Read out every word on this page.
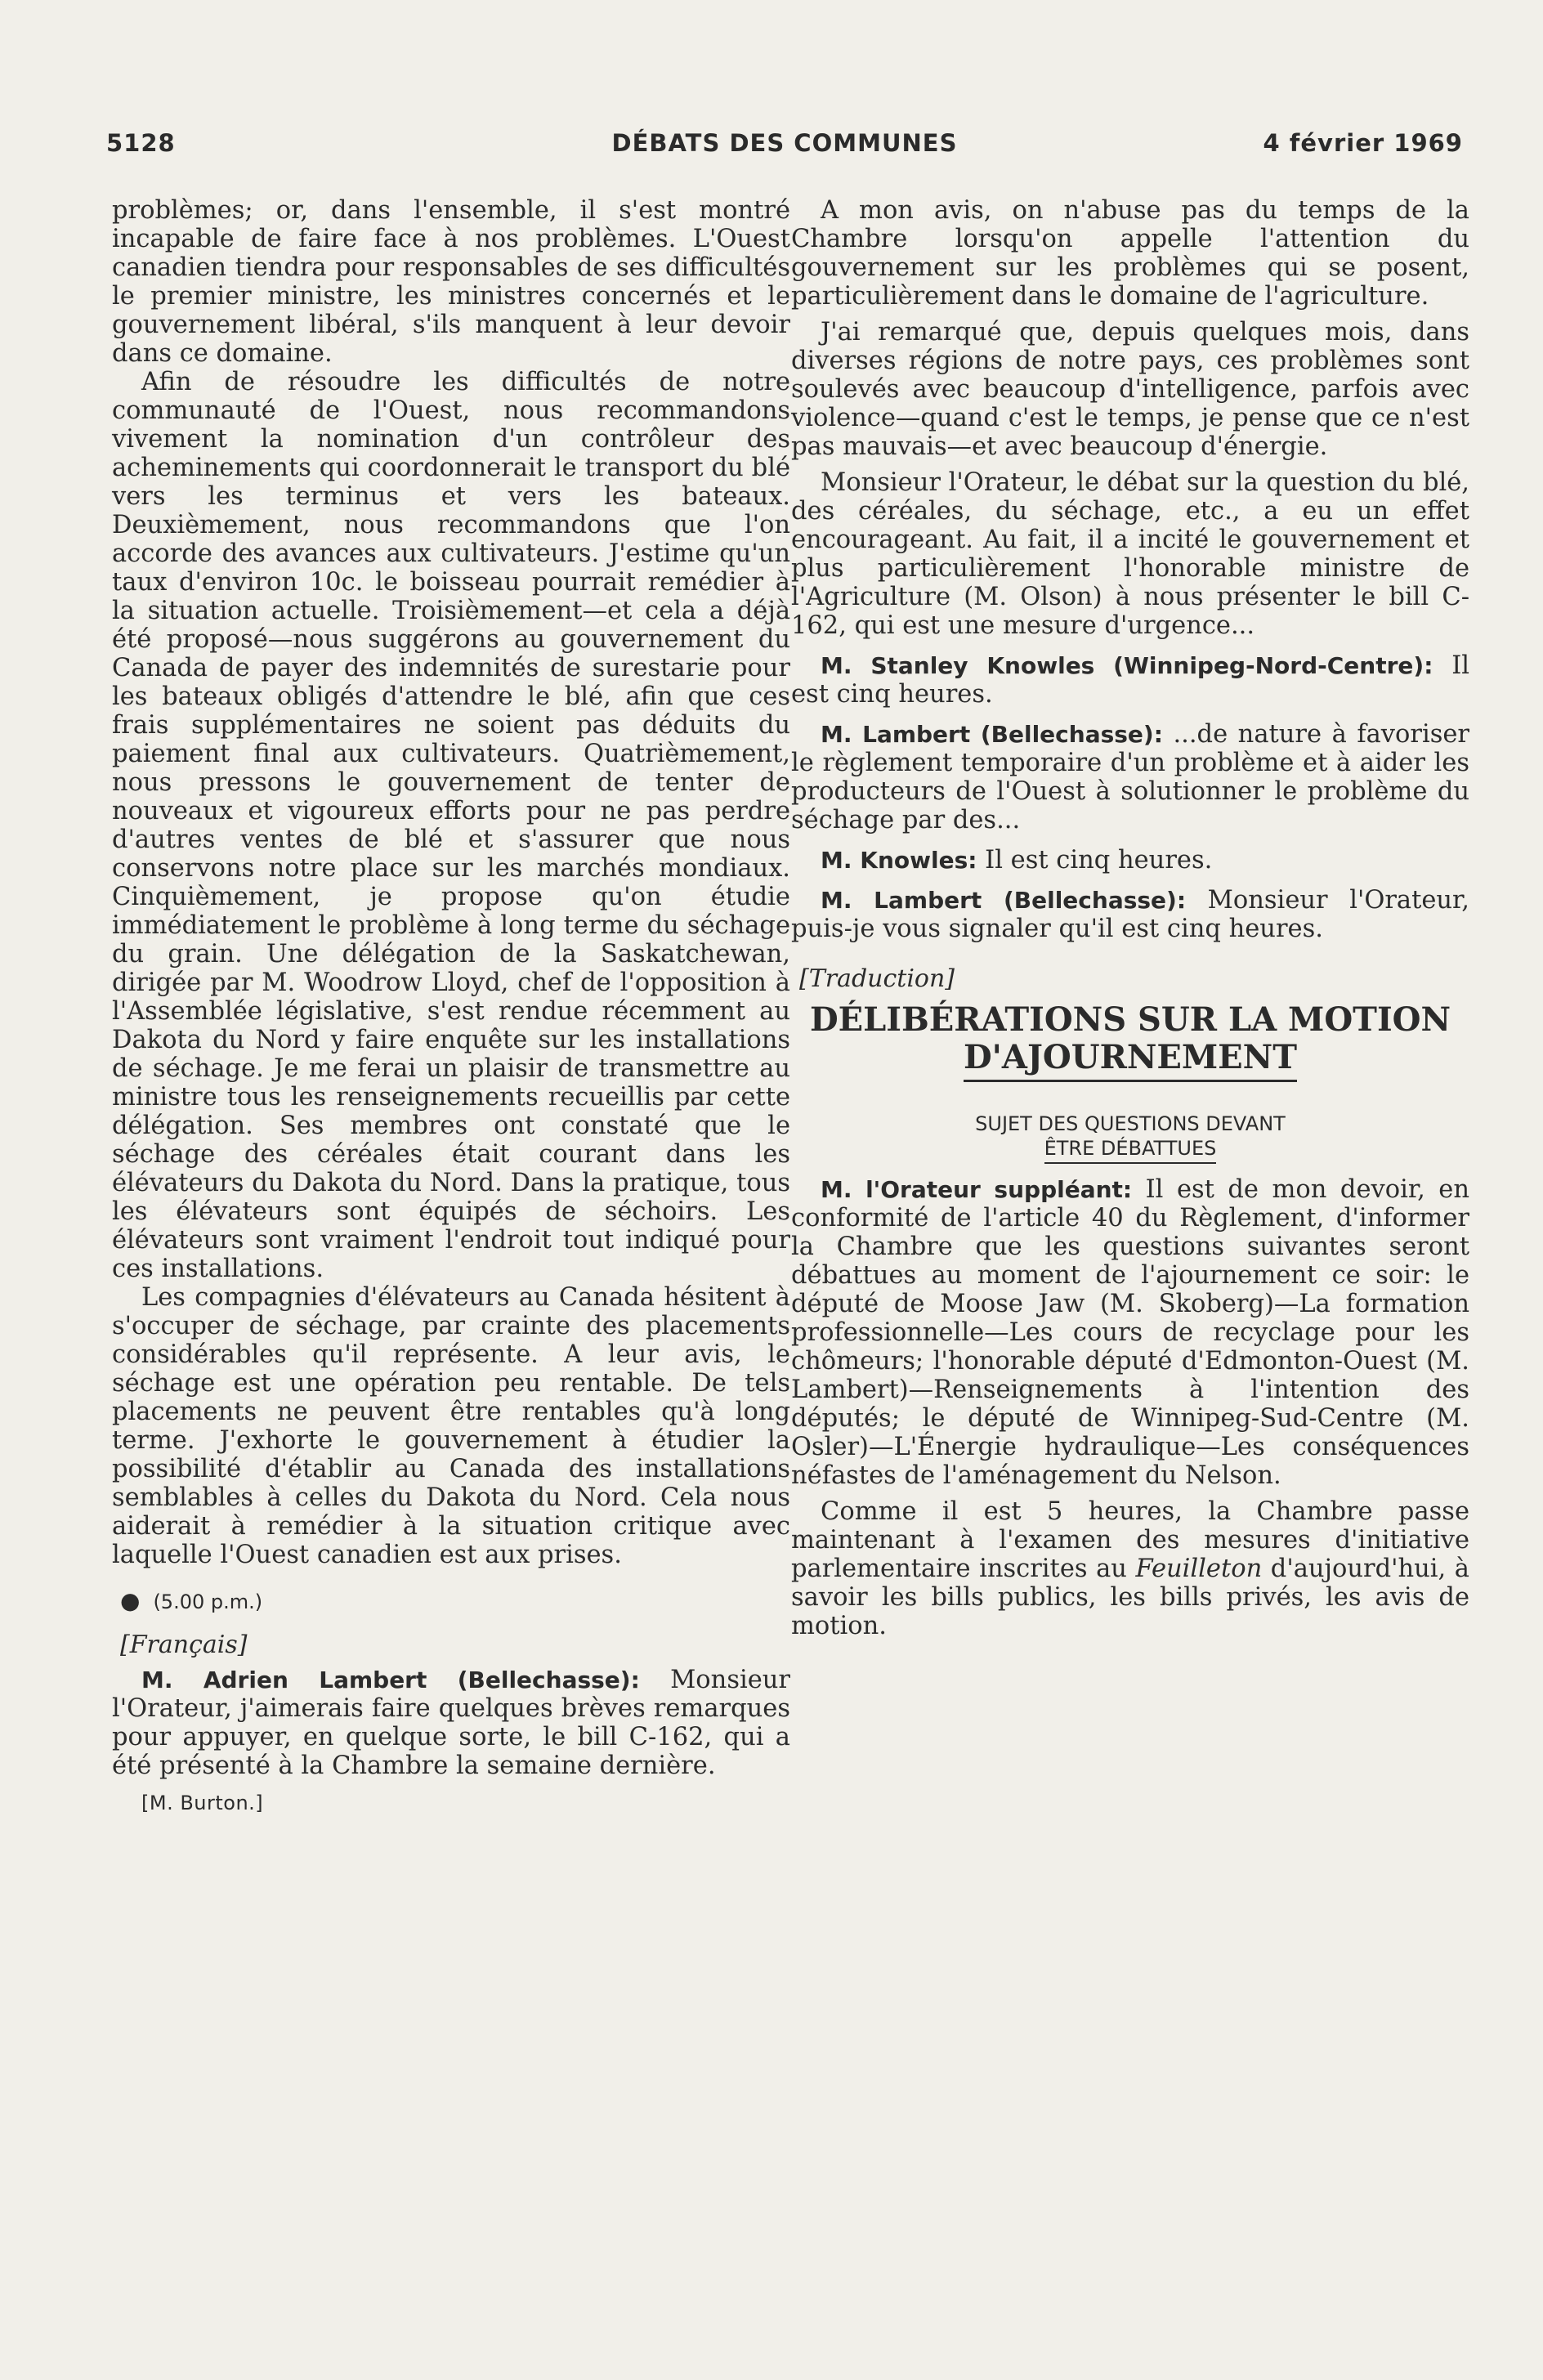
5128	DÉBATS DES COMMUNES	4 février 1969

problèmes; or, dans l'ensemble, il s'est montré incapable de faire face à nos problèmes. L'Ouest canadien tiendra pour responsables de ses difficultés le premier ministre, les ministres concernés et le gouvernement libéral, s'ils manquent à leur devoir dans ce domaine.

Afin de résoudre les difficultés de notre communauté de l'Ouest, nous recommandons vivement la nomination d'un contrôleur des acheminements qui coordonnerait le transport du blé vers les terminus et vers les bateaux. Deuxièmement, nous recommandons que l'on accorde des avances aux cultivateurs. J'estime qu'un taux d'environ 10c. le boisseau pourrait remédier à la situation actuelle. Troisièmement—et cela a déjà été proposé—nous suggérons au gouvernement du Canada de payer des indemnités de surestarie pour les bateaux obligés d'attendre le blé, afin que ces frais supplémentaires ne soient pas déduits du paiement final aux cultivateurs. Quatrièmement, nous pressons le gouvernement de tenter de nouveaux et vigoureux efforts pour ne pas perdre d'autres ventes de blé et s'assurer que nous conservons notre place sur les marchés mondiaux. Cinquièmement, je propose qu'on étudie immédiatement le problème à long terme du séchage du grain. Une délégation de la Saskatchewan, dirigée par M. Woodrow Lloyd, chef de l'opposition à l'Assemblée législative, s'est rendue récemment au Dakota du Nord y faire enquête sur les installations de séchage. Je me ferai un plaisir de transmettre au ministre tous les renseignements recueillis par cette délégation. Ses membres ont constaté que le séchage des céréales était courant dans les élévateurs du Dakota du Nord. Dans la pratique, tous les élévateurs sont équipés de séchoirs. Les élévateurs sont vraiment l'endroit tout indiqué pour ces installations.

Les compagnies d'élévateurs au Canada hésitent à s'occuper de séchage, par crainte des placements considérables qu'il représente. A leur avis, le séchage est une opération peu rentable. De tels placements ne peuvent être rentables qu'à long terme. J'exhorte le gouvernement à étudier la possibilité d'établir au Canada des installations semblables à celles du Dakota du Nord. Cela nous aiderait à remédier à la situation critique avec laquelle l'Ouest canadien est aux prises.

● (5.00 p.m.)
[Français]

M. Adrien Lambert (Bellechasse): Monsieur l'Orateur, j'aimerais faire quelques brèves remarques pour appuyer, en quelque sorte, le bill C-162, qui a été présenté à la Chambre la semaine dernière.

[M. Burton.]

A mon avis, on n'abuse pas du temps de la Chambre lorsqu'on appelle l'attention du gouvernement sur les problèmes qui se posent, particulièrement dans le domaine de l'agriculture.

J'ai remarqué que, depuis quelques mois, dans diverses régions de notre pays, ces problèmes sont soulevés avec beaucoup d'intelligence, parfois avec violence—quand c'est le temps, je pense que ce n'est pas mauvais—et avec beaucoup d'énergie.

Monsieur l'Orateur, le débat sur la question du blé, des céréales, du séchage, etc., a eu un effet encourageant. Au fait, il a incité le gouvernement et plus particulièrement l'honorable ministre de l'Agriculture (M. Olson) à nous présenter le bill C-162, qui est une mesure d'urgence...

M. Stanley Knowles (Winnipeg-Nord-Centre): Il est cinq heures.

M. Lambert (Bellechasse): ...de nature à favoriser le règlement temporaire d'un problème et à aider les producteurs de l'Ouest à solutionner le problème du séchage par des...

M. Knowles: Il est cinq heures.

M. Lambert (Bellechasse): Monsieur l'Orateur, puis-je vous signaler qu'il est cinq heures.

[Traduction]
DÉLIBÉRATIONS SUR LA MOTION
D'AJOURNEMENT
SUJET DES QUESTIONS DEVANT
ÊTRE DÉBATTUES

M. l'Orateur suppléant: Il est de mon devoir, en conformité de l'article 40 du Règlement, d'informer la Chambre que les questions suivantes seront débattues au moment de l'ajournement ce soir: le député de Moose Jaw (M. Skoberg)—La formation professionnelle—Les cours de recyclage pour les chômeurs; l'honorable député d'Edmonton-Ouest (M. Lambert)—Renseignements à l'intention des députés; le député de Winnipeg-Sud-Centre (M. Osler)—L'Énergie hydraulique—Les conséquences néfastes de l'aménagement du Nelson.

Comme il est 5 heures, la Chambre passe maintenant à l'examen des mesures d'initiative parlementaire inscrites au Feuilleton d'aujourd'hui, à savoir les bills publics, les bills privés, les avis de motion.
